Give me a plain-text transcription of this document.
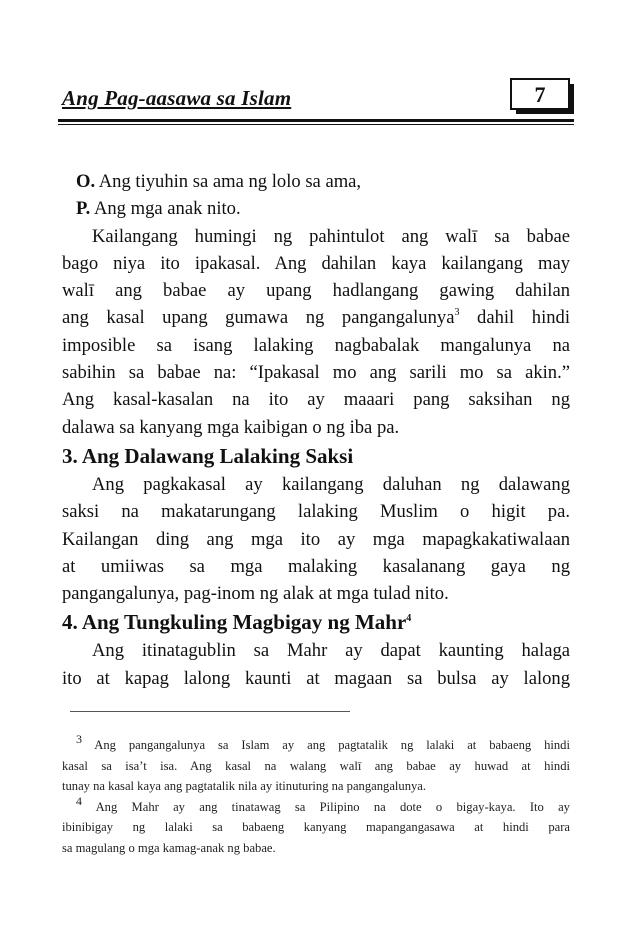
Ang Pag-aasawa sa Islam	7
O. Ang tiyuhin sa ama ng lolo sa ama,
P. Ang mga anak nito.
Kailangang humingi ng pahintulot ang walī sa babae
bago niya ito ipakasal. Ang dahilan kaya kailangang may
walī ang babae ay upang hadlangang gawing dahilan
ang kasal upang gumawa ng pangangalunya$^3$ dahil hindi
imposible sa isang lalaking nagbabalak mangalunya na
sabihin sa babae na: “Ipakasal mo ang sarili mo sa akin.”
Ang kasal-kasalan na ito ay maaari pang saksihan ng
dalawa sa kanyang mga kaibigan o ng iba pa.
3. Ang Dalawang Lalaking Saksi
Ang pagkakasal ay kailangang daluhan ng dalawang
saksi na makatarungang lalaking Muslim o higit pa.
Kailangan ding ang mga ito ay mga mapagkakatiwalaan
at umiiwas sa mga malaking kasalanang gaya ng
pangangalunya, pag-inom ng alak at mga tulad nito.
4. Ang Tungkuling Magbigay ng Mahr$^4$
Ang itinatagublin sa Mahr ay dapat kaunting halaga
ito at kapag lalong kaunti at magaan sa bulsa ay lalong
$^3$ Ang pangangalunya sa Islam ay ang pagtatalik ng lalaki at babaeng hindi
kasal sa isa’t isa. Ang kasal na walang walī ang babae ay huwad at hindi
tunay na kasal kaya ang pagtatalik nila ay itinuturing na pangangalunya.
$^4$ Ang Mahr ay ang tinatawag sa Pilipino na dote o bigay-kaya. Ito ay
ibinibigay ng lalaki sa babaeng kanyang mapangangasawa at hindi para
sa magulang o mga kamag-anak ng babae.
